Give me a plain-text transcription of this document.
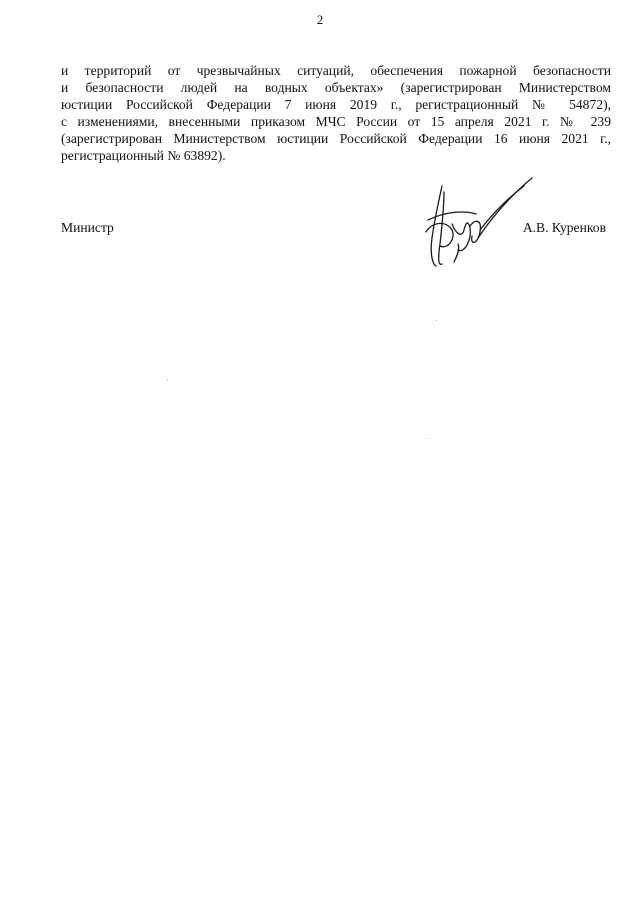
2

и территорий от чрезвычайных ситуаций, обеспечения пожарной безопасности
и безопасности людей на водных объектах» (зарегистрирован Министерством
юстиции Российской Федерации 7 июня 2019 г., регистрационный № 54872),
с изменениями, внесенными приказом МЧС России от 15 апреля 2021 г. № 239
(зарегистрирован Министерством юстиции Российской Федерации 16 июня 2021 г.,
регистрационный № 63892).

Министр	А.В. Куренков
